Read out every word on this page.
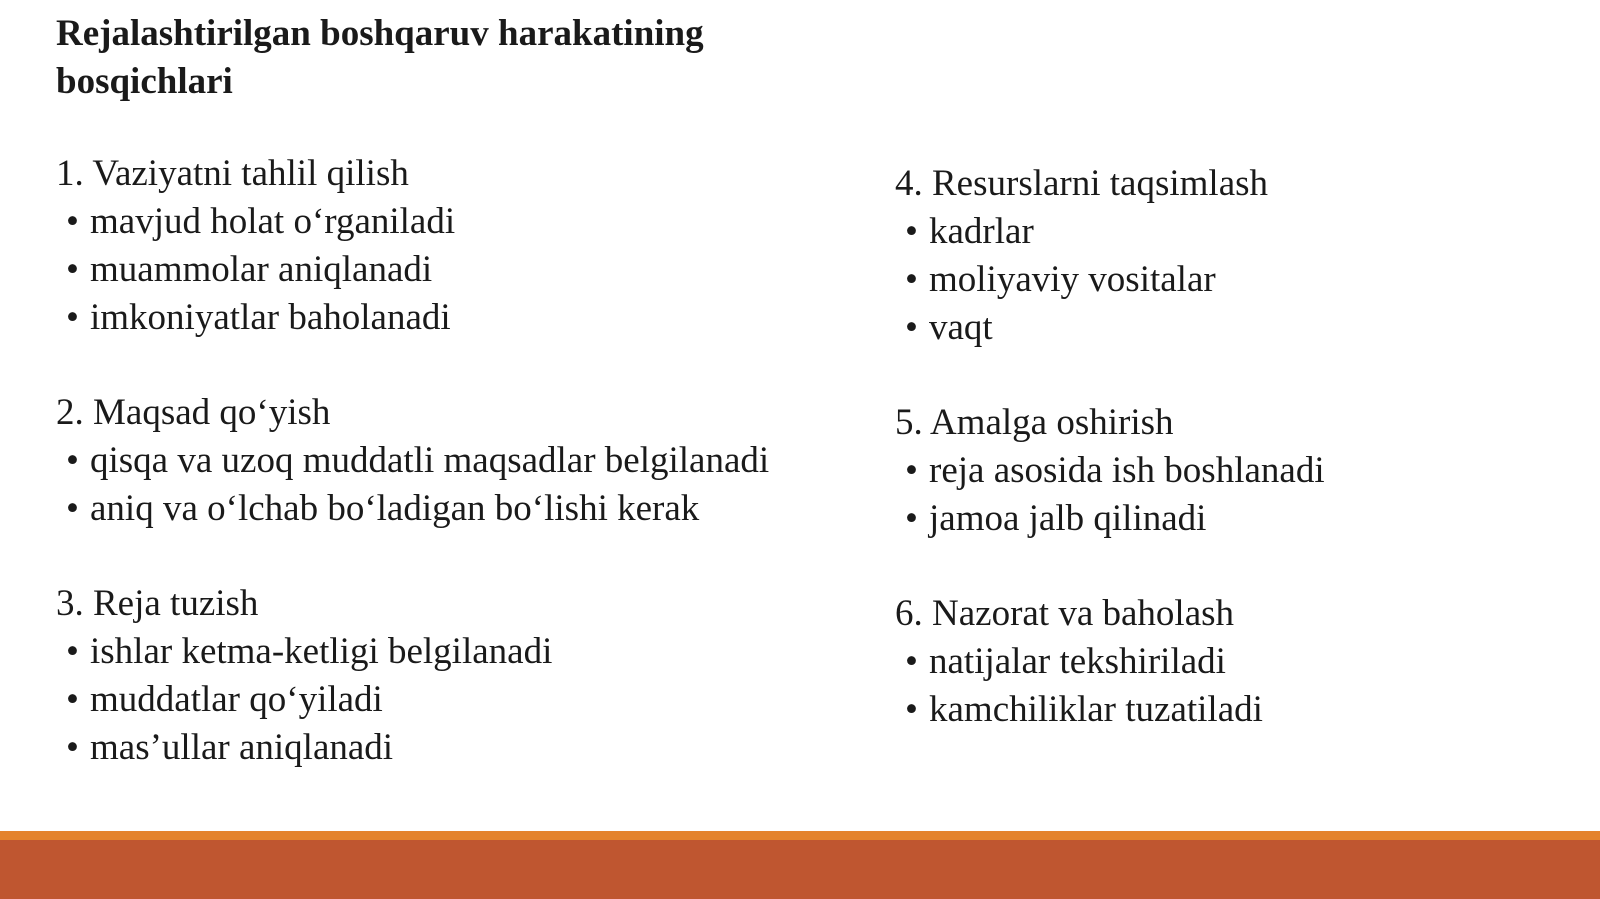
Rejalashtirilgan boshqaruv harakatining bosqichlari
1. Vaziyatni tahlil qilish
• mavjud holat o‘rganiladi
• muammolar aniqlanadi
• imkoniyatlar baholanadi
2. Maqsad qo‘yish
• qisqa va uzoq muddatli maqsadlar belgilanadi
• aniq va o‘lchab bo‘ladigan bo‘lishi kerak
3. Reja tuzish
• ishlar ketma-ketligi belgilanadi
• muddatlar qo‘yiladi
• mas’ullar aniqlanadi
4. Resurslarni taqsimlash
• kadrlar
• moliyaviy vositalar
• vaqt
5. Amalga oshirish
• reja asosida ish boshlanadi
• jamoa jalb qilinadi
6. Nazorat va baholash
• natijalar tekshiriladi
• kamchiliklar tuzatiladi
